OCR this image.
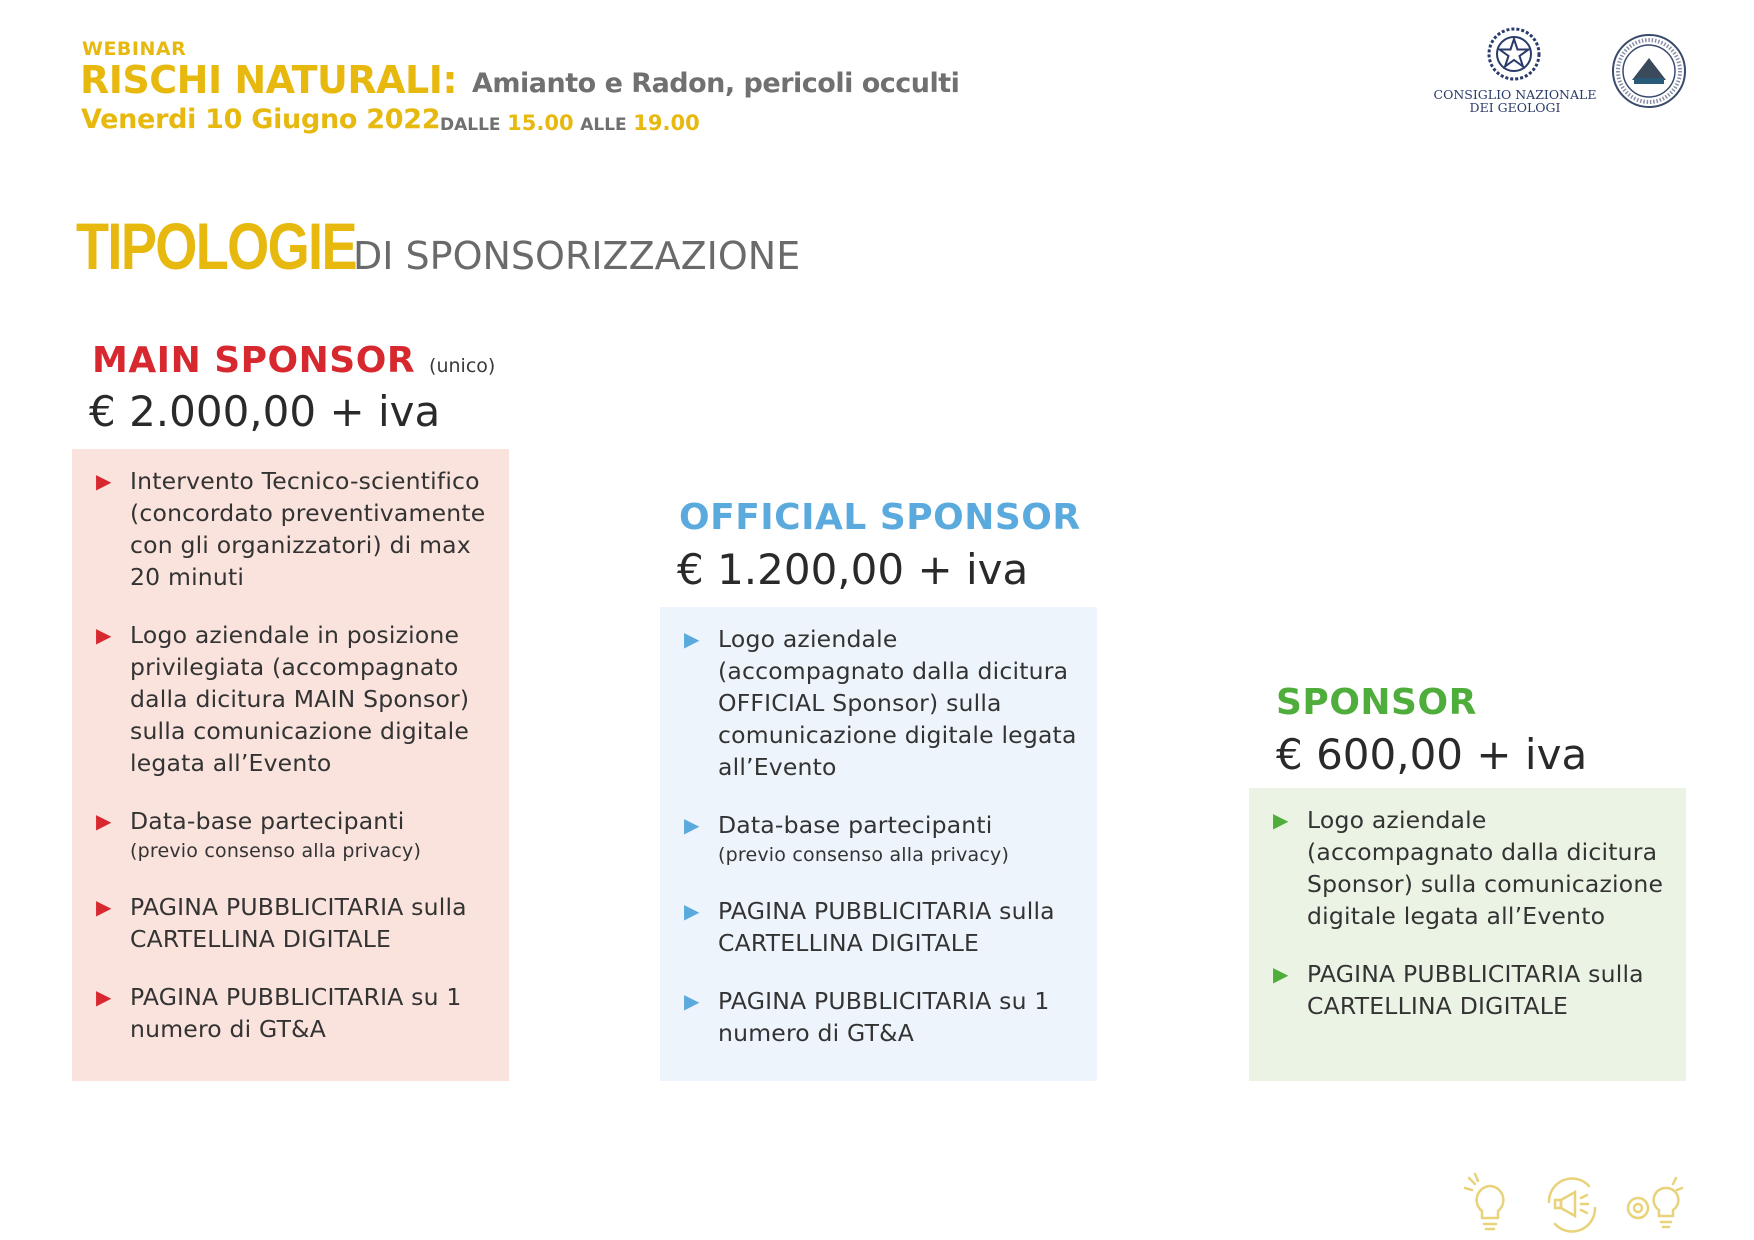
WEBINAR
RISCHI NATURALI: Amianto e Radon, pericoli occulti
Venerdi 10 Giugno 2022 DALLE 15.00 ALLE 19.00
CONSIGLIO NAZIONALE
DEI GEOLOGI
TIPOLOGIE
DI SPONSORIZZAZIONE
MAIN SPONSOR (unico)
€ 2.000,00 + iva
▶ Intervento Tecnico-scientifico (concordato preventivamente con gli organizzatori) di max 20 minuti
▶ Logo aziendale in posizione privilegiata (accompagnato dalla dicitura MAIN Sponsor) sulla comunicazione digitale legata all’Evento
▶ Data-base partecipanti
(previo consenso alla privacy)
▶ PAGINA PUBBLICITARIA sulla CARTELLINA DIGITALE
▶ PAGINA PUBBLICITARIA su 1 numero di GT&A
OFFICIAL SPONSOR
€ 1.200,00 + iva
▶ Logo aziendale (accompagnato dalla dicitura OFFICIAL Sponsor) sulla comunicazione digitale legata all’Evento
▶ Data-base partecipanti
(previo consenso alla privacy)
▶ PAGINA PUBBLICITARIA sulla CARTELLINA DIGITALE
▶ PAGINA PUBBLICITARIA su 1 numero di GT&A
SPONSOR
€ 600,00 + iva
▶ Logo aziendale (accompagnato dalla dicitura Sponsor) sulla comunicazione digitale legata all’Evento
▶ PAGINA PUBBLICITARIA sulla CARTELLINA DIGITALE
